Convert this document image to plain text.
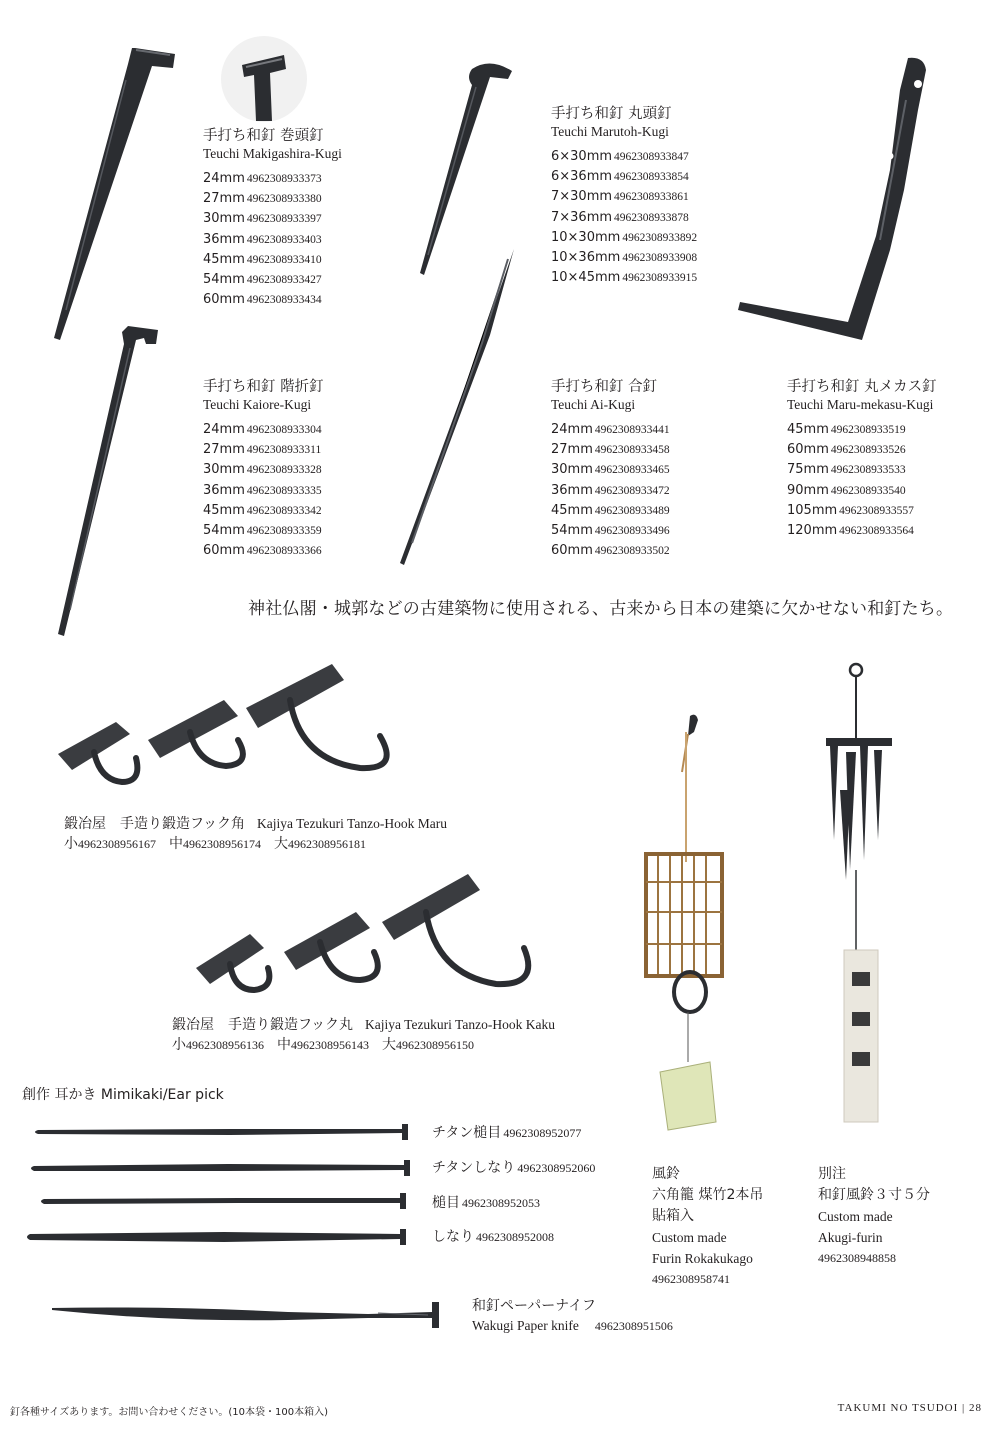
手打ち和釘 巻頭釘
Teuchi Makigashira-Kugi
24mm 4962308933373
27mm 4962308933380
30mm 4962308933397
36mm 4962308933403
45mm 4962308933410
54mm 4962308933427
60mm 4962308933434
手打ち和釘 丸頭釘
Teuchi Marutoh-Kugi
6×30mm 4962308933847
6×36mm 4962308933854
7×30mm 4962308933861
7×36mm 4962308933878
10×30mm 4962308933892
10×36mm 4962308933908
10×45mm 4962308933915
手打ち和釘 階折釘
Teuchi Kaiore-Kugi
24mm 4962308933304
27mm 4962308933311
30mm 4962308933328
36mm 4962308933335
45mm 4962308933342
54mm 4962308933359
60mm 4962308933366
手打ち和釘 合釘
Teuchi Ai-Kugi
24mm 4962308933441
27mm 4962308933458
30mm 4962308933465
36mm 4962308933472
45mm 4962308933489
54mm 4962308933496
60mm 4962308933502
手打ち和釘 丸メカス釘
Teuchi Maru-mekasu-Kugi
45mm 4962308933519
60mm 4962308933526
75mm 4962308933533
90mm 4962308933540
105mm 4962308933557
120mm 4962308933564
神社仏閣・城郭などの古建築物に使用される、古来から日本の建築に欠かせない和釘たち。
鍛冶屋　手造り鍛造フック角 Kajiya Tezukuri Tanzo-Hook Maru
小4962308956167 中4962308956174 大4962308956181
鍛冶屋　手造り鍛造フック丸 Kajiya Tezukuri Tanzo-Hook Kaku
小4962308956136 中4962308956143 大4962308956150
創作 耳かき Mimikaki/Ear pick
チタン槌目 4962308952077
チタンしなり 4962308952060
槌目 4962308952053
しなり 4962308952008
和釘ペーパーナイフ
Wakugi Paper knife 4962308951506
風鈴
六角籠 煤竹2本吊
貼箱入
Custom made
Furin Rokakukago
4962308958741
別注
和釘風鈴３寸５分
Custom made
Akugi-furin
4962308948858
釘各種サイズあります。お問い合わせください。(10本袋・100本箱入)	TAKUMI NO TSUDOI | 28
